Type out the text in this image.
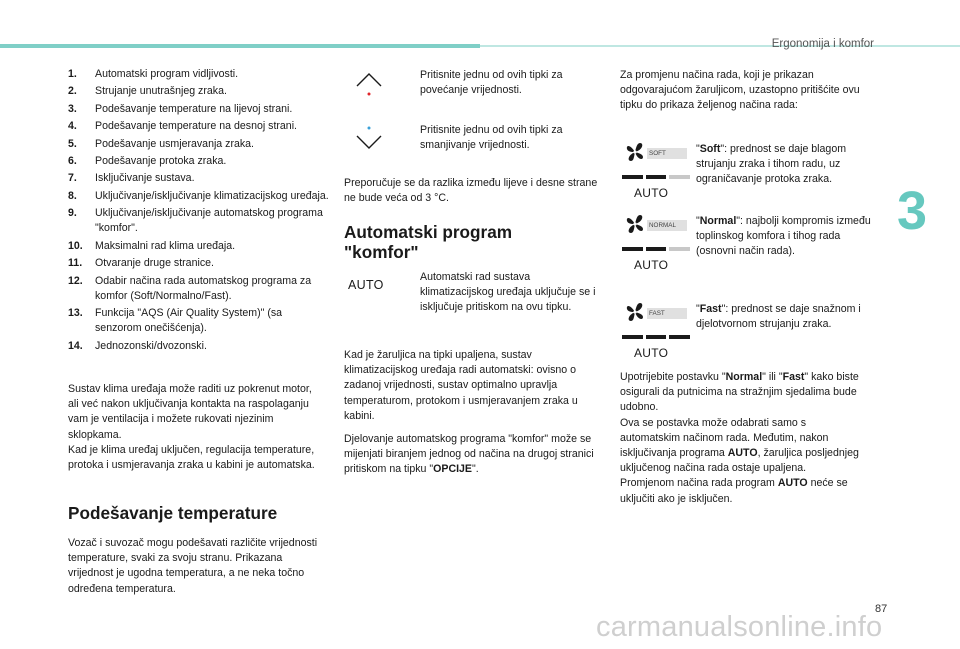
Ergonomija i komfor
3
1.	Automatski program vidljivosti.
2.	Strujanje unutrašnjeg zraka.
3.	Podešavanje temperature na lijevoj strani.
4.	Podešavanje temperature na desnoj strani.
5.	Podešavanje usmjeravanja zraka.
6.	Podešavanje protoka zraka.
7.	Isključivanje sustava.
8.	Uključivanje/isključivanje klimatizacijskog uređaja.
9.	Uključivanje/isključivanje automatskog programa "komfor".
10.	Maksimalni rad klima uređaja.
11.	Otvaranje druge stranice.
12.	Odabir načina rada automatskog programa za komfor (Soft/Normalno/Fast).
13.	Funkcija "AQS (Air Quality System)" (sa senzorom onečišćenja).
14.	Jednozonski/dvozonski.

Sustav klima uređaja može raditi uz pokrenut motor, ali već nakon uključivanja kontakta na raspolaganju vam je ventilacija i možete rukovati njezinim sklopkama.

Kad je klima uređaj uključen, regulacija temperature, protoka i usmjeravanja zraka u kabini je automatska.

Podešavanje temperature
Vozač i suvozač mogu podešavati različite vrijednosti temperature, svaki za svoju stranu. Prikazana vrijednost je ugodna temperatura, a ne neka točno određena temperatura.
Pritisnite jednu od ovih tipki za povećanje vrijednosti.
Pritisnite jednu od ovih tipki za smanjivanje vrijednosti.
Preporučuje se da razlika između lijeve i desne strane ne bude veća od 3 °C.
Automatski program "komfor"
AUTO
Automatski rad sustava klimatizacijskog uređaja uključuje se i isključuje pritiskom na ovu tipku.

Kad je žaruljica na tipki upaljena, sustav klimatizacijskog uređaja radi automatski: ovisno o zadanoj vrijednosti, sustav optimalno upravlja temperaturom, protokom i usmjeravanjem zraka u kabini.

Djelovanje automatskog programa "komfor" može se mijenjati biranjem jednog od načina na drugoj stranici pritiskom na tipku "OPCIJE".

Za promjenu načina rada, koji je prikazan odgovarajućom žaruljicom, uzastopno pritišćite ovu tipku do prikaza željenog načina rada:
SOFT
AUTO
"Soft": prednost se daje blagom strujanju zraka i tihom radu, uz ograničavanje protoka zraka.
NORMAL
AUTO
"Normal": najbolji kompromis između toplinskog komfora i tihog rada (osnovni način rada).
FAST
AUTO
"Fast": prednost se daje snažnom i djelotvornom strujanju zraka.
Upotrijebite postavku "Normal" ili "Fast" kako biste osigurali da putnicima na stražnjim sjedalima bude udobno.
Ova se postavka može odabrati samo s automatskim načinom rada. Međutim, nakon isključivanja programa AUTO, žaruljica posljednjeg uključenog načina rada ostaje upaljena.
Promjenom načina rada program AUTO neće se uključiti ako je isključen.
87
carmanualsonline.info
